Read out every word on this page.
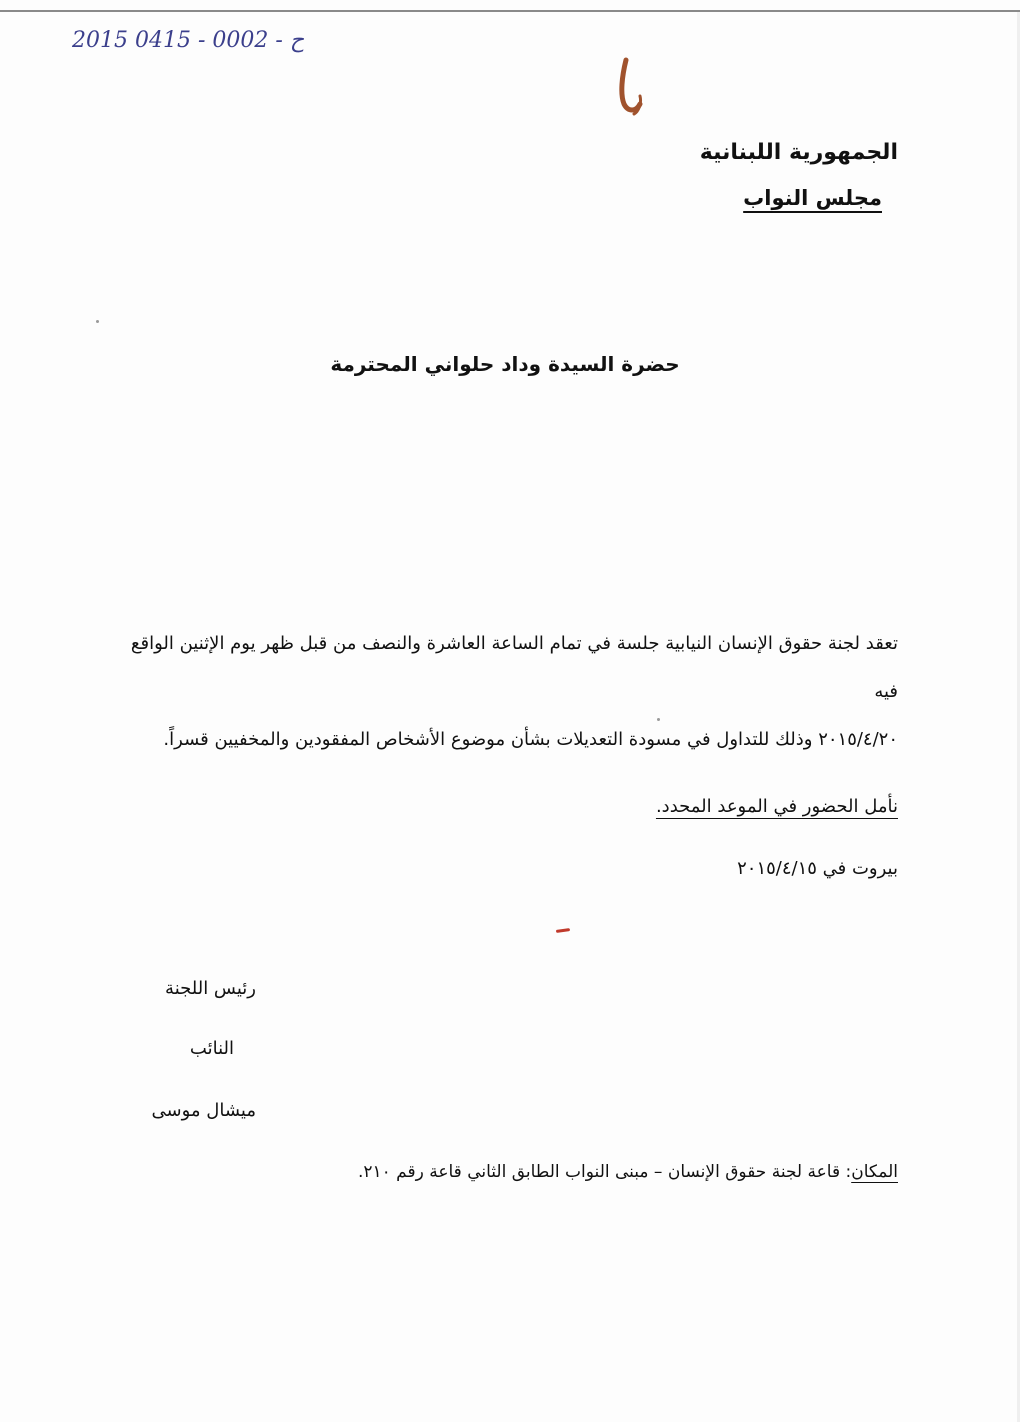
2015 0415 - 0002 - ح
الجمهورية اللبنانية
مجلس النواب
حضرة السيدة وداد حلواني المحترمة

تعقد لجنة حقوق الإنسان النيابية جلسة في تمام الساعة العاشرة والنصف من قبل ظهر يوم الإثنين الواقع فيه

٢٠١٥/٤/٢٠ وذلك للتداول في مسودة التعديلات بشأن موضوع الأشخاص المفقودين والمخفيين قسراً.

نأمل الحضور في الموعد المحدد.
بيروت في ٢٠١٥/٤/١٥
رئيس اللجنة
النائب
ميشال موسى
المكان: قاعة لجنة حقوق الإنسان – مبنى النواب الطابق الثاني قاعة رقم ٢١٠.
